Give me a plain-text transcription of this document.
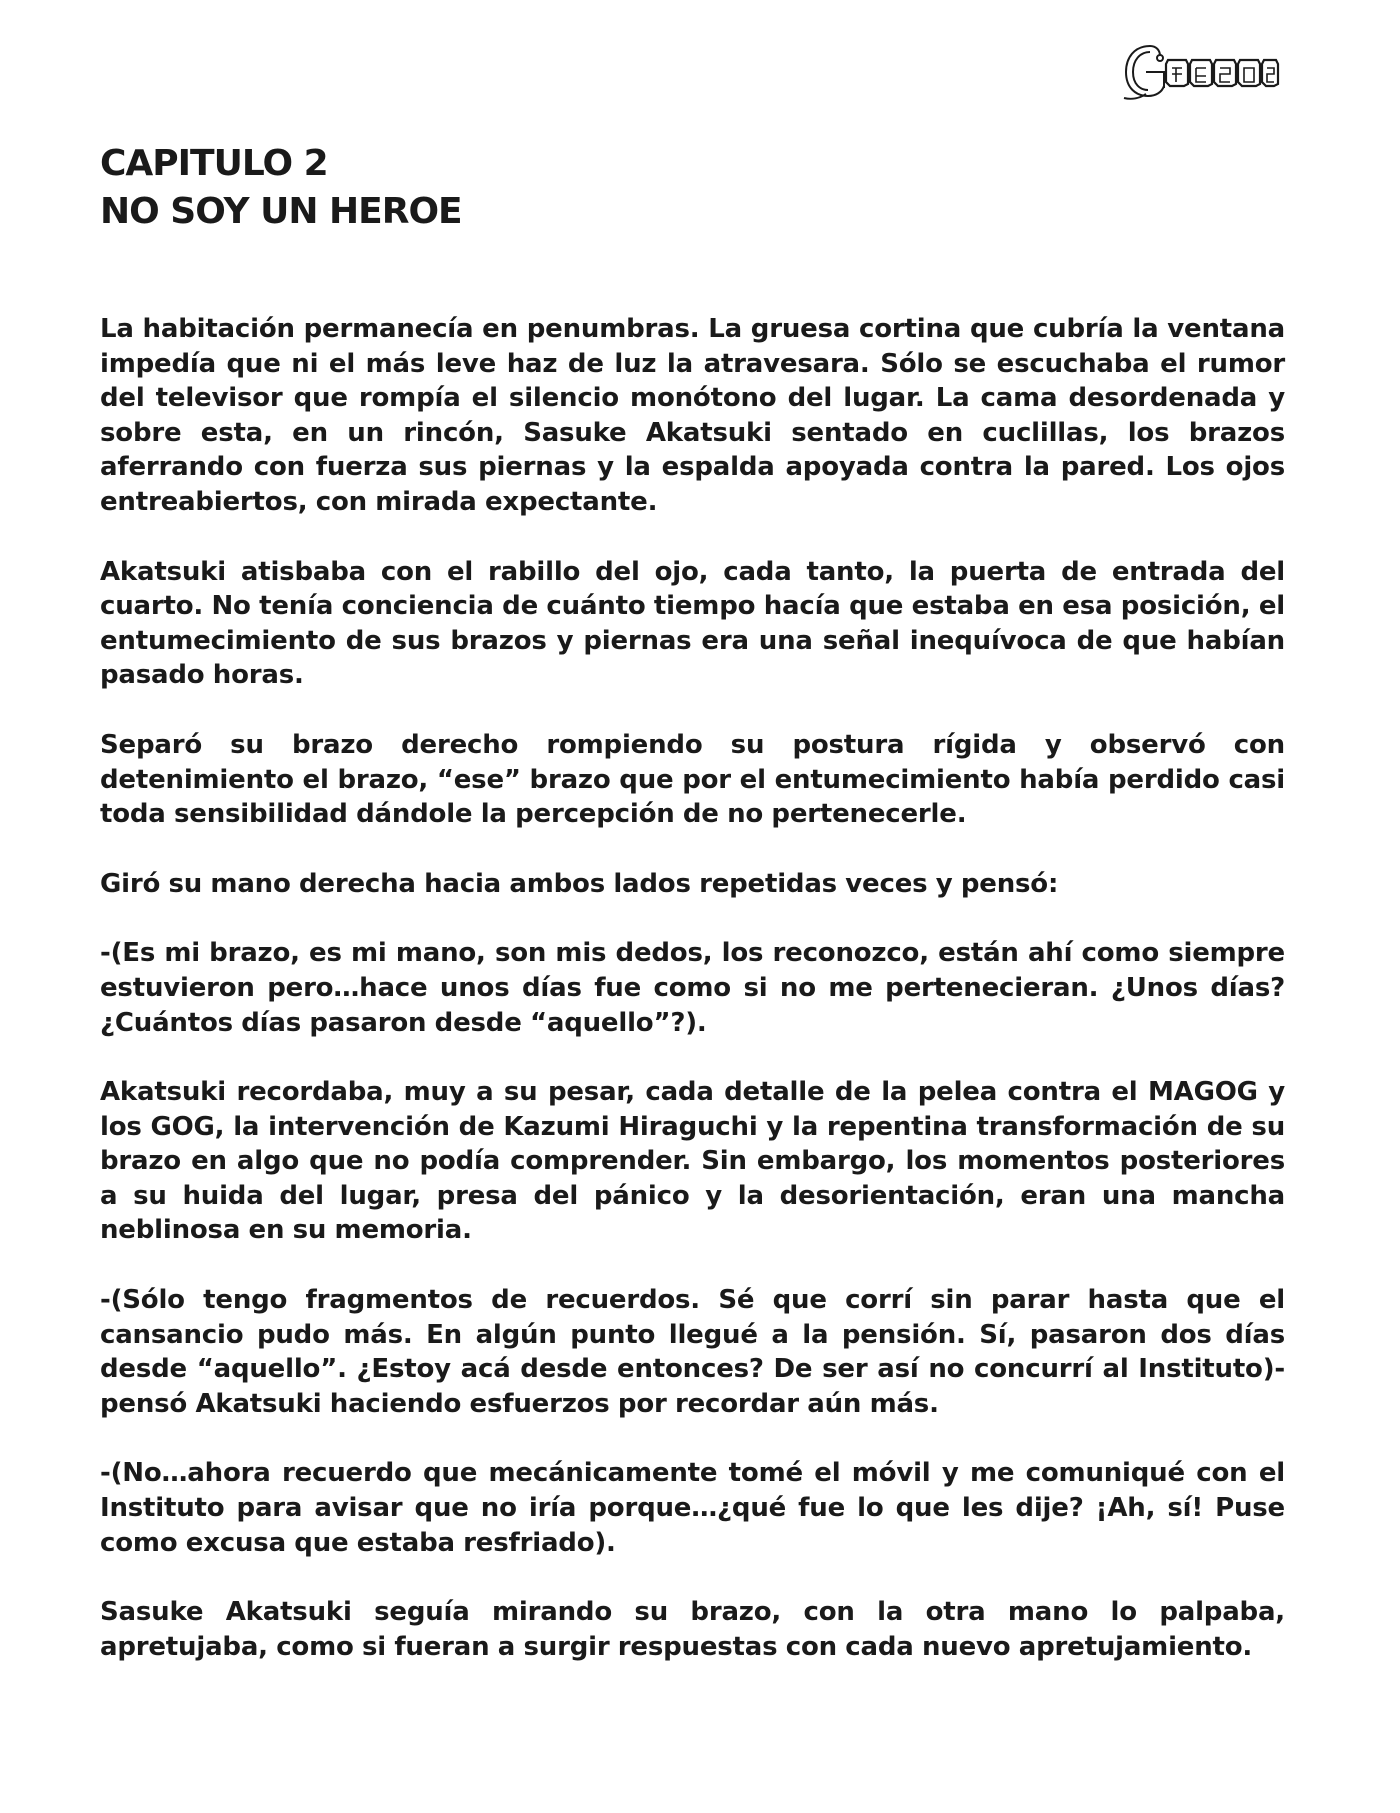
CAPITULO 2
NO SOY UN HEROE

La habitación permanecía en penumbras. La gruesa cortina que cubría la ventana impedía que ni el más leve haz de luz la atravesara. Sólo se escuchaba el rumor del televisor que rompía el silencio monótono del lugar. La cama desordenada y sobre esta, en un rincón, Sasuke Akatsuki sentado en cuclillas, los brazos aferrando con fuerza sus piernas y la espalda apoyada contra la pared. Los ojos entreabiertos, con mirada expectante.

Akatsuki atisbaba con el rabillo del ojo, cada tanto, la puerta de entrada del cuarto. No tenía conciencia de cuánto tiempo hacía que estaba en esa posición, el entumecimiento de sus brazos y piernas era una señal inequívoca de que habían pasado horas.

Separó su brazo derecho rompiendo su postura rígida y observó con detenimiento el brazo, “ese” brazo que por el entumecimiento había perdido casi toda sensibilidad dándole la percepción de no pertenecerle.

Giró su mano derecha hacia ambos lados repetidas veces y pensó:

-(Es mi brazo, es mi mano, son mis dedos, los reconozco, están ahí como siempre estuvieron pero…hace unos días fue como si no me pertenecieran. ¿Unos días? ¿Cuántos días pasaron desde “aquello”?).

Akatsuki recordaba, muy a su pesar, cada detalle de la pelea contra el MAGOG y los GOG, la intervención de Kazumi Hiraguchi y la repentina transformación de su brazo en algo que no podía comprender. Sin embargo, los momentos posteriores a su huida del lugar, presa del pánico y la desorientación, eran una mancha neblinosa en su memoria.

-(Sólo tengo fragmentos de recuerdos. Sé que corrí sin parar hasta que el cansancio pudo más. En algún punto llegué a la pensión. Sí, pasaron dos días desde “aquello”. ¿Estoy acá desde entonces? De ser así no concurrí al Instituto)-pensó Akatsuki haciendo esfuerzos por recordar aún más.

-(No…ahora recuerdo que mecánicamente tomé el móvil y me comuniqué con el Instituto para avisar que no iría porque…¿qué fue lo que les dije? ¡Ah, sí! Puse como excusa que estaba resfriado).

Sasuke Akatsuki seguía mirando su brazo, con la otra mano lo palpaba, apretujaba, como si fueran a surgir respuestas con cada nuevo apretujamiento.
